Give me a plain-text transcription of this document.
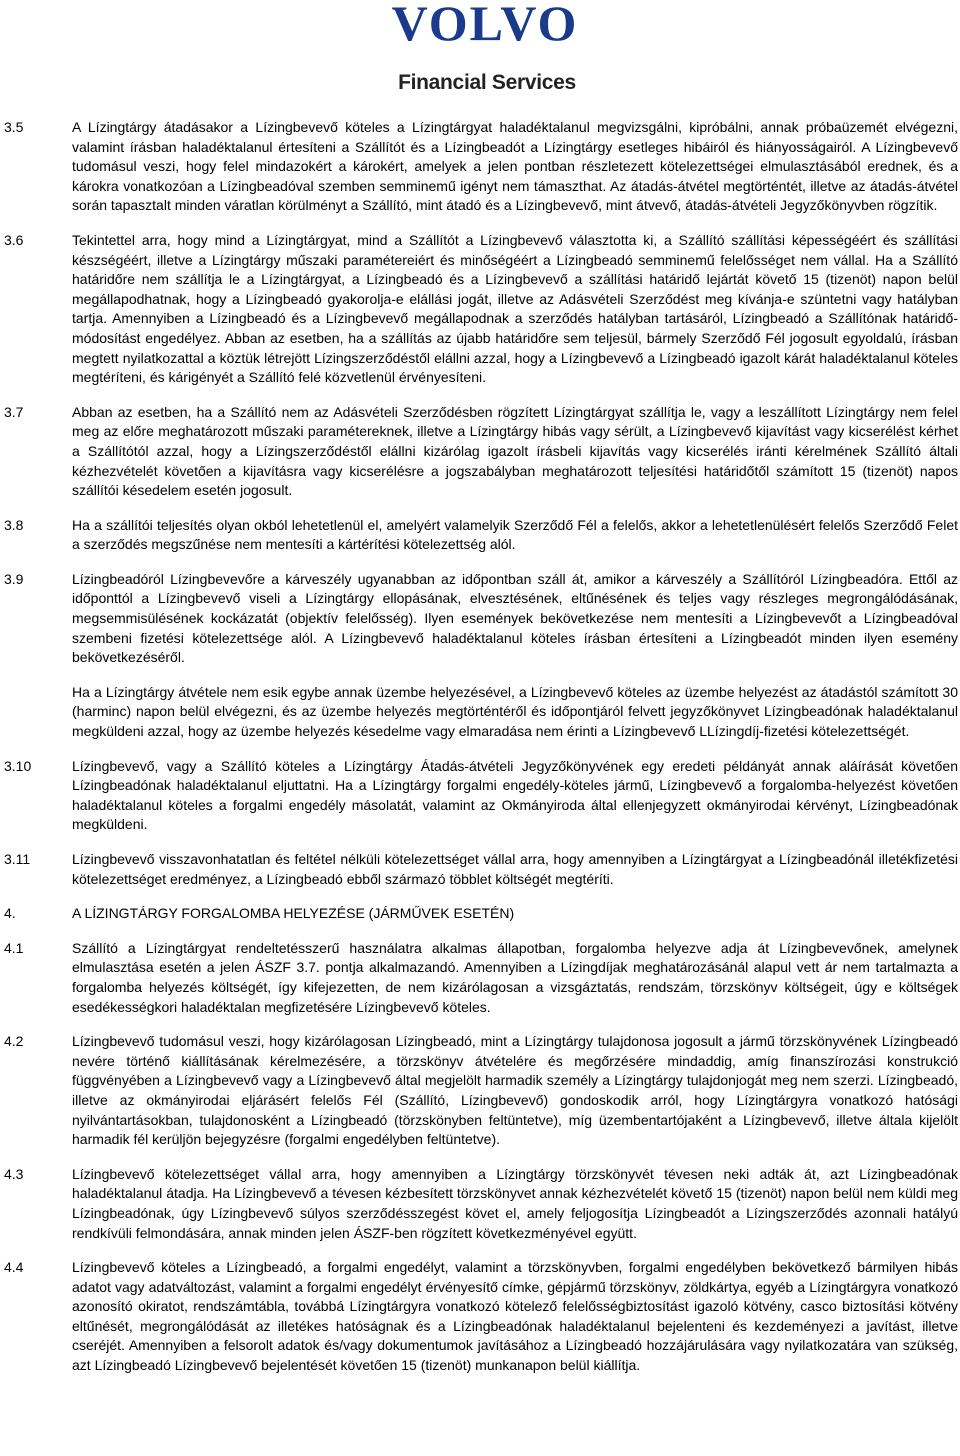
VOLVO
Financial Services
3.5	A Lízingtárgy átadásakor a Lízingbevevő köteles a Lízingtárgyat haladéktalanul megvizsgálni, kipróbálni, annak próbaüzemét elvégezni, valamint írásban haladéktalanul értesíteni a Szállítót és a Lízingbeadót a Lízingtárgy esetleges hibáiról és hiányosságairól. A Lízingbevevő tudomásul veszi, hogy felel mindazokért a károkért, amelyek a jelen pontban részletezett kötelezettségei elmulasztásából erednek, és a károkra vonatkozóan a Lízingbeadóval szemben semminemű igényt nem támaszthat. Az átadás-átvétel megtörténtét, illetve az átadás-átvétel során tapasztalt minden váratlan körülményt a Szállító, mint átadó és a Lízingbevevő, mint átvevő, átadás-átvételi Jegyzőkönyvben rögzítik.
3.6	Tekintettel arra, hogy mind a Lízingtárgyat, mind a Szállítót a Lízingbevevő választotta ki, a Szállító szállítási képességéért és szállítási készségéért, illetve a Lízingtárgy műszaki paramétereiért és minőségéért a Lízingbeadó semminemű felelősséget nem vállal. Ha a Szállító határidőre nem szállítja le a Lízingtárgyat, a Lízingbeadó és a Lízingbevevő a szállítási határidő lejártát követő 15 (tizenöt) napon belül megállapodhatnak, hogy a Lízingbeadó gyakorolja-e elállási jogát, illetve az Adásvételi Szerződést meg kívánja-e szüntetni vagy hatályban tartja. Amennyiben a Lízingbeadó és a Lízingbevevő megállapodnak a szerződés hatályban tartásáról, Lízingbeadó a Szállítónak határidő-módosítást engedélyez. Abban az esetben, ha a szállítás az újabb határidőre sem teljesül, bármely Szerződő Fél jogosult egyoldalú, írásban megtett nyilatkozattal a köztük létrejött Lízingszerződéstől elállni azzal, hogy a Lízingbevevő a Lízingbeadó igazolt kárát haladéktalanul köteles megtéríteni, és kárigényét a Szállító felé közvetlenül érvényesíteni.
3.7	Abban az esetben, ha a Szállító nem az Adásvételi Szerződésben rögzített Lízingtárgyat szállítja le, vagy a leszállított Lízingtárgy nem felel meg az előre meghatározott műszaki paramétereknek, illetve a Lízingtárgy hibás vagy sérült, a Lízingbevevő kijavítást vagy kicserélést kérhet a Szállítótól azzal, hogy a Lízingszerződéstől elállni kizárólag igazolt írásbeli kijavítás vagy kicserélés iránti kérelmének Szállító általi kézhezvételét követően a kijavításra vagy kicserélésre a jogszabályban meghatározott teljesítési határidőtől számított 15 (tizenöt) napos szállítói késedelem esetén jogosult.
3.8	Ha a szállítói teljesítés olyan okból lehetetlenül el, amelyért valamelyik Szerződő Fél a felelős, akkor a lehetetlenülésért felelős Szerződő Felet a szerződés megszűnése nem mentesíti a kártérítési kötelezettség alól.
3.9	Lízingbeadóról Lízingbevevőre a kárveszély ugyanabban az időpontban száll át, amikor a kárveszély a Szállítóról Lízingbeadóra. Ettől az időponttól a Lízingbevevő viseli a Lízingtárgy ellopásának, elvesztésének, eltűnésének és teljes vagy részleges megrongálódásának, megsemmisülésének kockázatát (objektív felelősség). Ilyen események bekövetkezése nem mentesíti a Lízingbevevőt a Lízingbeadóval szembeni fizetési kötelezettsége alól. A Lízingbevevő haladéktalanul köteles írásban értesíteni a Lízingbeadót minden ilyen esemény bekövetkezéséről.
Ha a Lízingtárgy átvétele nem esik egybe annak üzembe helyezésével, a Lízingbevevő köteles az üzembe helyezést az átadástól számított 30 (harminc) napon belül elvégezni, és az üzembe helyezés megtörténtéről és időpontjáról felvett jegyzőkönyvet Lízingbeadónak haladéktalanul megküldeni azzal, hogy az üzembe helyezés késedelme vagy elmaradása nem érinti a Lízingbevevő LLízingdíj-fizetési kötelezettségét.
3.10	Lízingbevevő, vagy a Szállító köteles a Lízingtárgy Átadás-átvételi Jegyzőkönyvének egy eredeti példányát annak aláírását követően Lízingbeadónak haladéktalanul eljuttatni. Ha a Lízingtárgy forgalmi engedély-köteles jármű, Lízingbevevő a forgalomba-helyezést követően haladéktalanul köteles a forgalmi engedély másolatát, valamint az Okmányiroda által ellenjegyzett okmányirodai kérvényt, Lízingbeadónak megküldeni.
3.11	Lízingbevevő visszavonhatatlan és feltétel nélküli kötelezettséget vállal arra, hogy amennyiben a Lízingtárgyat a Lízingbeadónál illetékfizetési kötelezettséget eredményez, a Lízingbeadó ebből származó többlet költségét megtéríti.
4.	A LÍZINGTÁRGY FORGALOMBA HELYEZÉSE (JÁRMŰVEK ESETÉN)
4.1	Szállító a Lízingtárgyat rendeltetésszerű használatra alkalmas állapotban, forgalomba helyezve adja át Lízingbevevőnek, amelynek elmulasztása esetén a jelen ÁSZF 3.7. pontja alkalmazandó. Amennyiben a Lízingdíjak meghatározásánál alapul vett ár nem tartalmazta a forgalomba helyezés költségét, így kifejezetten, de nem kizárólagosan a vizsgáztatás, rendszám, törzskönyv költségeit, úgy e költségek esedékességkori haladéktalan megfizetésére Lízingbevevő köteles.
4.2	Lízingbevevő tudomásul veszi, hogy kizárólagosan Lízingbeadó, mint a Lízingtárgy tulajdonosa jogosult a jármű törzskönyvének Lízingbeadó nevére történő kiállításának kérelmezésére, a törzskönyv átvételére és megőrzésére mindaddig, amíg finanszírozási konstrukció függvényében a Lízingbevevő vagy a Lízingbevevő által megjelölt harmadik személy a Lízingtárgy tulajdonjogát meg nem szerzi. Lízingbeadó, illetve az okmányirodai eljárásért felelős Fél (Szállító, Lízingbevevő) gondoskodik arról, hogy Lízingtárgyra vonatkozó hatósági nyilvántartásokban, tulajdonosként a Lízingbeadó (törzskönyben feltüntetve), míg üzembentartójaként a Lízingbevevő, illetve általa kijelölt harmadik fél kerüljön bejegyzésre (forgalmi engedélyben feltüntetve).
4.3	Lízingbevevő kötelezettséget vállal arra, hogy amennyiben a Lízingtárgy törzskönyvét tévesen neki adták át, azt Lízingbeadónak haladéktalanul átadja. Ha Lízingbevevő a tévesen kézbesített törzskönyvet annak kézhezvételét követő 15 (tizenöt) napon belül nem küldi meg Lízingbeadónak, úgy Lízingbevevő súlyos szerződésszegést követ el, amely feljogosítja Lízingbeadót a Lízingszerződés azonnali hatályú rendkívüli felmondására, annak minden jelen ÁSZF-ben rögzített következményével együtt.
4.4	Lízingbevevő köteles a Lízingbeadó, a forgalmi engedélyt, valamint a törzskönyvben, forgalmi engedélyben bekövetkező bármilyen hibás adatot vagy adatváltozást, valamint a forgalmi engedélyt érvényesítő címke, gépjármű törzskönyv, zöldkártya, egyéb a Lízingtárgyra vonatkozó azonosító okiratot, rendszámtábla, továbbá Lízingtárgyra vonatkozó kötelező felelősségbiztosítást igazoló kötvény, casco biztosítási kötvény eltűnését, megrongálódását az illetékes hatóságnak és a Lízingbeadónak haladéktalanul bejelenteni és kezdeményezi a javítást, illetve cseréjét. Amennyiben a felsorolt adatok és/vagy dokumentumok javításához a Lízingbeadó hozzájárulására vagy nyilatkozatára van szükség, azt Lízingbeadó Lízingbevevő bejelentését követően 15 (tizenöt) munkanapon belül kiállítja.
